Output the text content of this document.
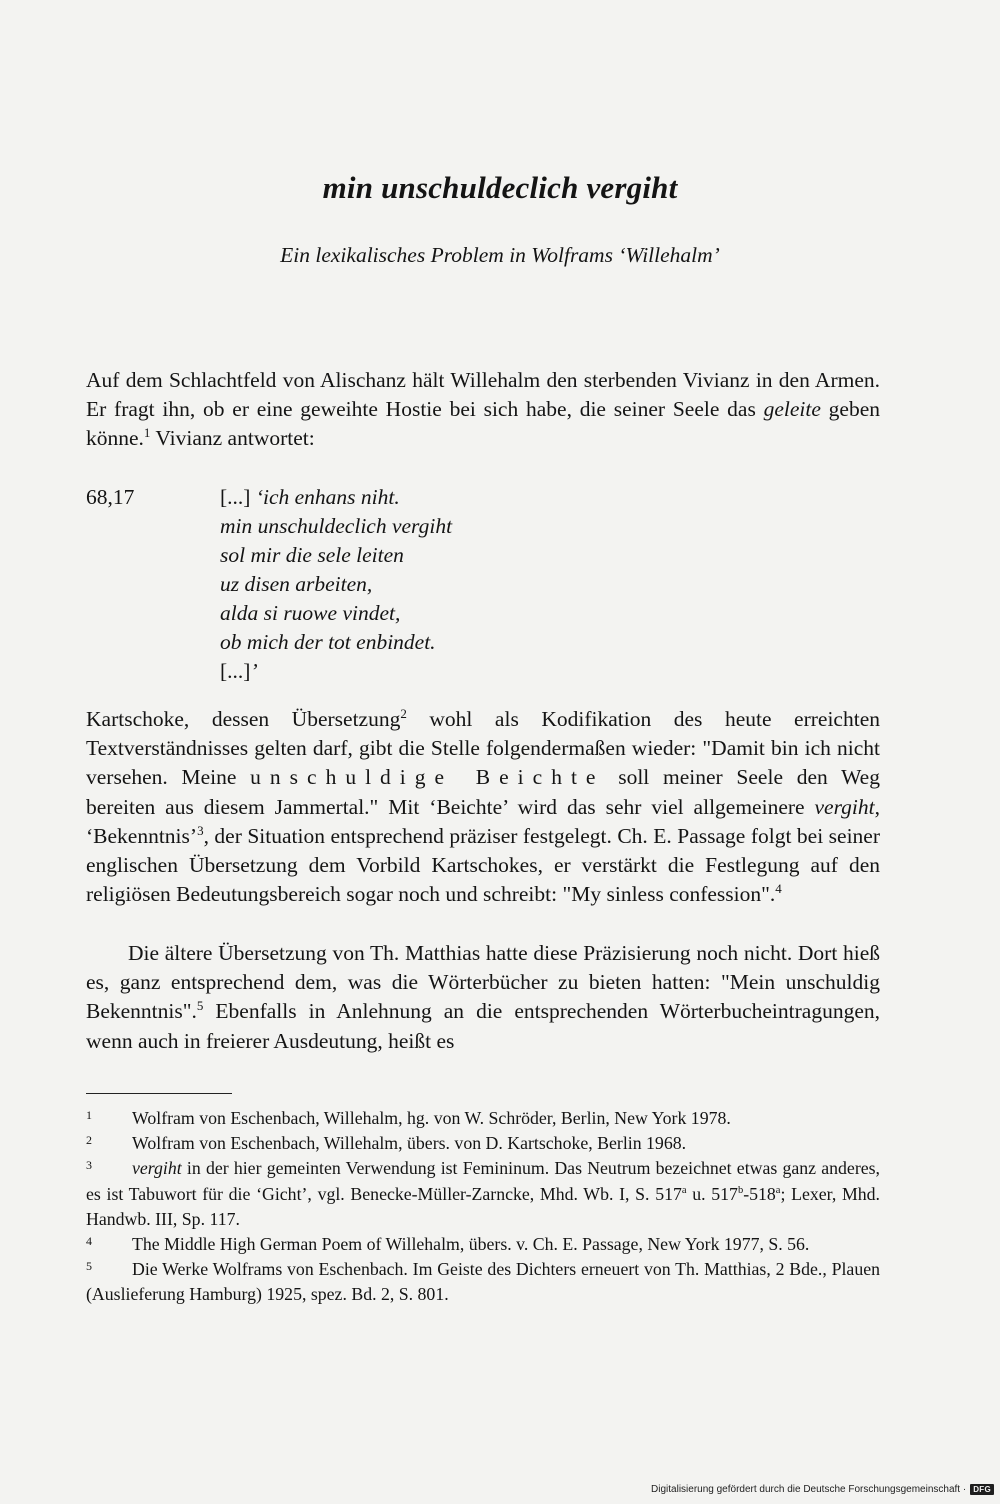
min unschuldeclich vergiht
Ein lexikalisches Problem in Wolframs ‘Willehalm’

Auf dem Schlachtfeld von Alischanz hält Willehalm den sterbenden Vivianz in den Armen. Er fragt ihn, ob er eine geweihte Hostie bei sich habe, die seiner Seele das geleite geben könne.$^1$ Vivianz antwortet:

68,17	[...] ‘ich enhans niht.
min unschuldeclich vergiht
sol mir die sele leiten
uz disen arbeiten,
alda si ruowe vindet,
ob mich der tot enbindet.
[...]’

Kartschoke, dessen Übersetzung$^2$ wohl als Kodifikation des heute erreichten Textverständnisses gelten darf, gibt die Stelle folgendermaßen wieder: "Damit bin ich nicht versehen. Meine unschuldige Beichte soll meiner Seele den Weg bereiten aus diesem Jammertal." Mit ‘Beichte’ wird das sehr viel allgemeinere vergiht, ‘Bekenntnis’$^3$, der Situation entsprechend präziser festgelegt. Ch. E. Passage folgt bei seiner englischen Übersetzung dem Vorbild Kartschokes, er verstärkt die Festlegung auf den religiösen Bedeutungsbereich sogar noch und schreibt: "My sinless confession".$^4$

Die ältere Übersetzung von Th. Matthias hatte diese Präzisierung noch nicht. Dort hieß es, ganz entsprechend dem, was die Wörterbücher zu bieten hatten: "Mein unschuldig Bekenntnis".$^5$ Ebenfalls in Anlehnung an die entsprechenden Wörterbucheintragungen, wenn auch in freierer Ausdeutung, heißt es

1 Wolfram von Eschenbach, Willehalm, hg. von W. Schröder, Berlin, New York 1978.

2 Wolfram von Eschenbach, Willehalm, übers. von D. Kartschoke, Berlin 1968.

3 vergiht in der hier gemeinten Verwendung ist Femininum. Das Neutrum bezeichnet etwas ganz anderes, es ist Tabuwort für die ‘Gicht’, vgl. Benecke-Müller-Zarncke, Mhd. Wb. I, S. 517$^a$ u. 517$^b$-518$^a$; Lexer, Mhd. Handwb. III, Sp. 117.

4 The Middle High German Poem of Willehalm, übers. v. Ch. E. Passage, New York 1977, S. 56.

5 Die Werke Wolframs von Eschenbach. Im Geiste des Dichters erneuert von Th. Matthias, 2 Bde., Plauen (Auslieferung Hamburg) 1925, spez. Bd. 2, S. 801.

Digitalisierung gefördert durch die Deutsche Forschungsgemeinschaft · DFG
